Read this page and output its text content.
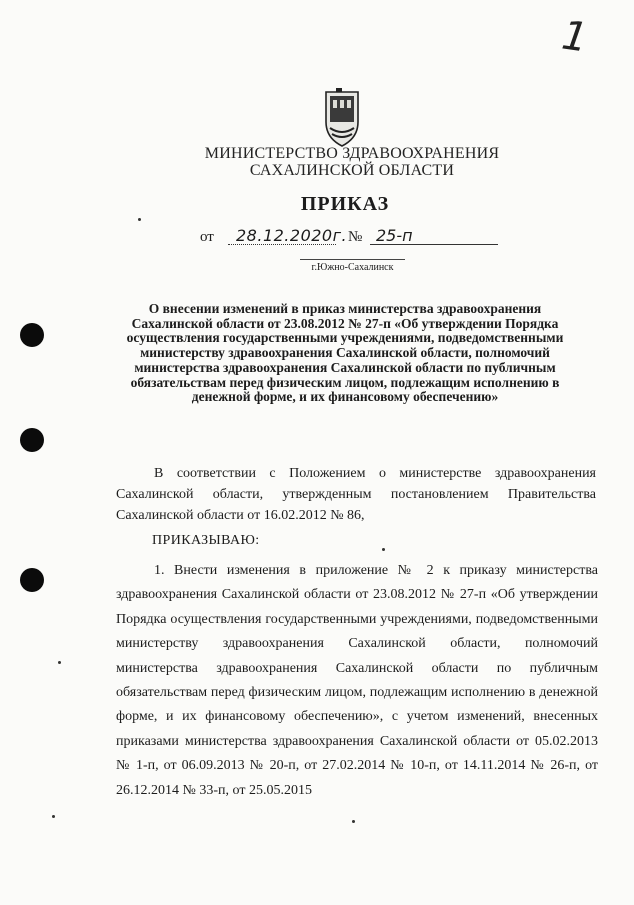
1
МИНИСТЕРСТВО ЗДРАВООХРАНЕНИЯ
САХАЛИНСКОЙ ОБЛАСТИ
ПРИКАЗ
от 28.12.2020г. № 25-п
г.Южно-Сахалинск
О внесении изменений в приказ министерства здравоохранения Сахалинской области от 23.08.2012 № 27-п «Об утверждении Порядка осуществления государственными учреждениями, подведомственными министерству здравоохранения Сахалинской области, полномочий министерства здравоохранения Сахалинской области по публичным обязательствам перед физическим лицом, подлежащим исполнению в денежной форме, и их финансовому обеспечению»
В соответствии с Положением о министерстве здравоохранения Сахалинской области, утвержденным постановлением Правительства Сахалинской области от 16.02.2012 № 86,
ПРИКАЗЫВАЮ:
1. Внести изменения в приложение № 2 к приказу министерства здравоохранения Сахалинской области от 23.08.2012 № 27-п «Об утверждении Порядка осуществления государственными учреждениями, подведомственными министерству здравоохранения Сахалинской области, полномочий министерства здравоохранения Сахалинской области по публичным обязательствам перед физическим лицом, подлежащим исполнению в денежной форме, и их финансовому обеспечению», с учетом изменений, внесенных приказами министерства здравоохранения Сахалинской области от 05.02.2013 № 1-п, от 06.09.2013 № 20-п, от 27.02.2014 № 10-п, от 14.11.2014 № 26-п, от 26.12.2014 № 33-п, от 25.05.2015
